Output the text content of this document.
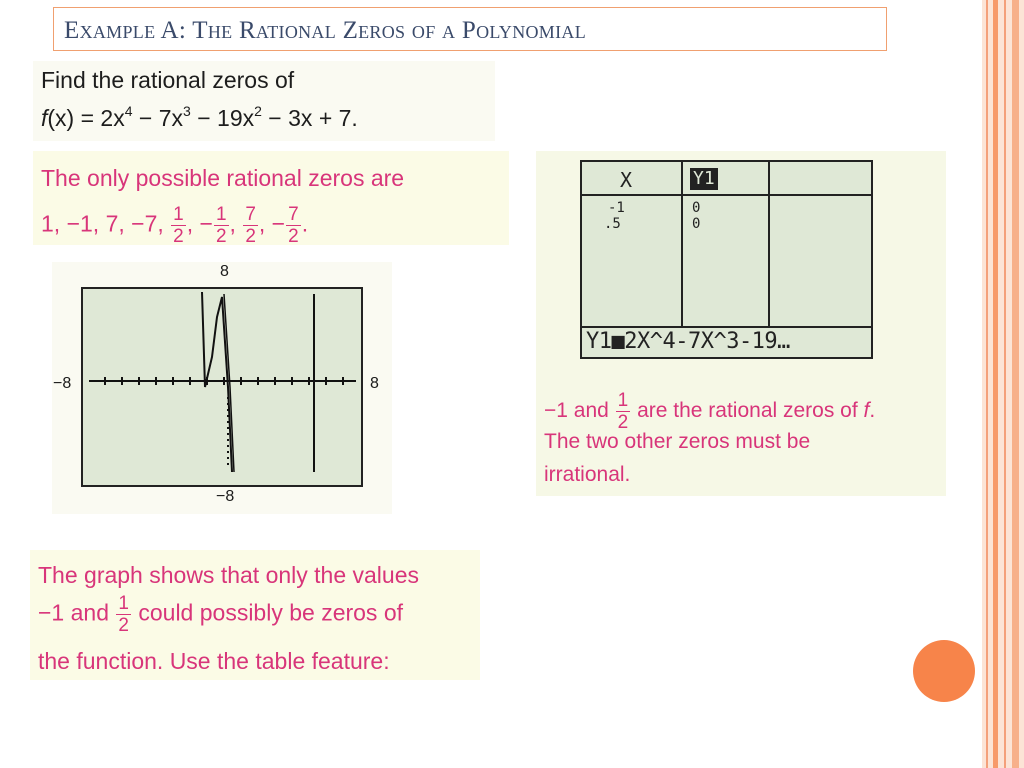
Example A: The Rational Zeros of a Polynomial
Find the rational zeros of
$f(x) = 2x^4 - 7x^3 - 19x^2 - 3x + 7$.
The only possible rational zeros are
1, −1, 7, −7, $\frac{1}{2}$ , − $\frac{1}{2}$ , $\frac{7}{2}$ , − $\frac{7}{2}$ .
8
−8	8
−8
X	Y1
-1
.5
0
0
Y1■2X^4-7X^3-19…
−1 and $\frac{1}{2}$ are the rational zeros of f.
The two other zeros must be
irrational.
The graph shows that only the values
−1 and $\frac{1}{2}$ could possibly be zeros of
the function. Use the table feature:
